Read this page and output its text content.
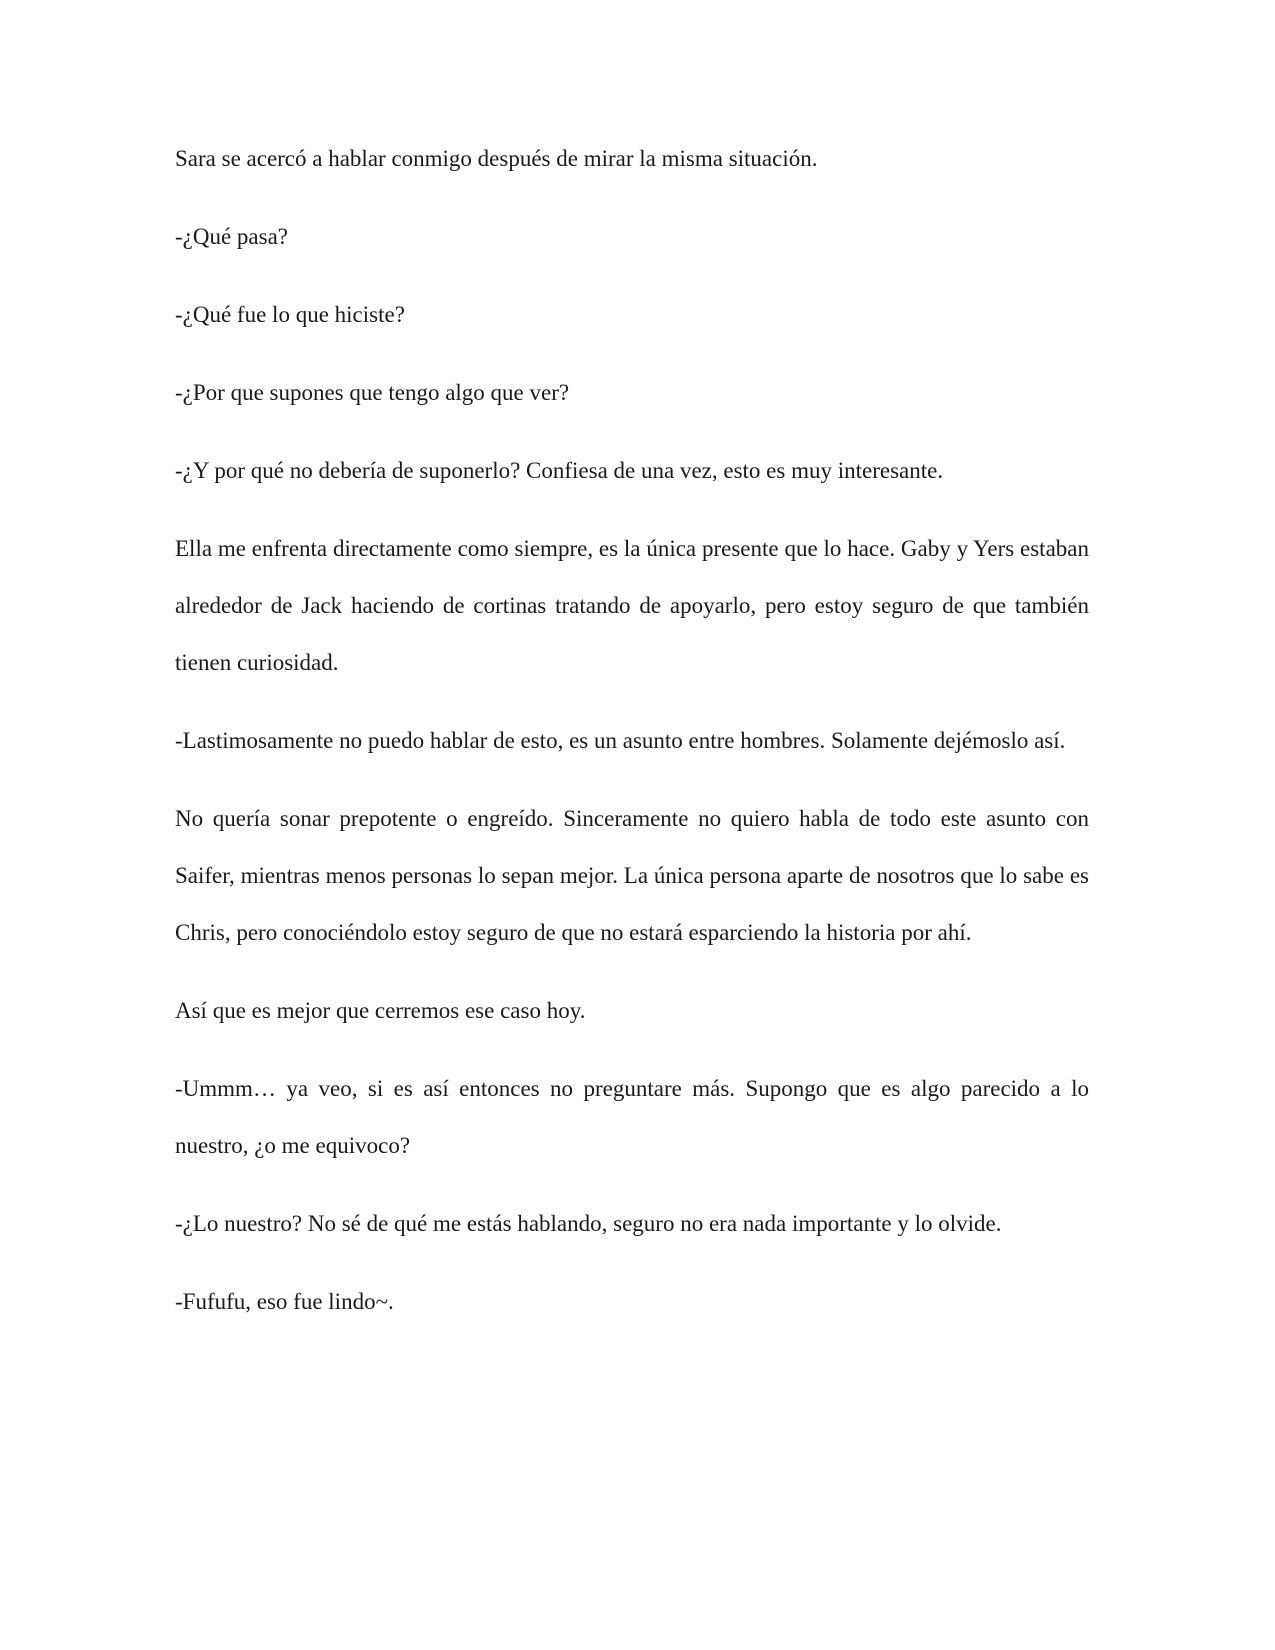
Sara se acercó a hablar conmigo después de mirar la misma situación.

-¿Qué pasa?

-¿Qué fue lo que hiciste?

-¿Por que supones que tengo algo que ver?

-¿Y por qué no debería de suponerlo? Confiesa de una vez, esto es muy interesante.

Ella me enfrenta directamente como siempre, es la única presente que lo hace. Gaby y Yers estaban alrededor de Jack haciendo de cortinas tratando de apoyarlo, pero estoy seguro de que también tienen curiosidad.

-Lastimosamente no puedo hablar de esto, es un asunto entre hombres. Solamente dejémoslo así.

No quería sonar prepotente o engreído. Sinceramente no quiero habla de todo este asunto con Saifer, mientras menos personas lo sepan mejor. La única persona aparte de nosotros que lo sabe es Chris, pero conociéndolo estoy seguro de que no estará esparciendo la historia por ahí.

Así que es mejor que cerremos ese caso hoy.

-Ummm… ya veo, si es así entonces no preguntare más. Supongo que es algo parecido a lo nuestro, ¿o me equivoco?

-¿Lo nuestro? No sé de qué me estás hablando, seguro no era nada importante y lo olvide.

-Fufufu, eso fue lindo~.
